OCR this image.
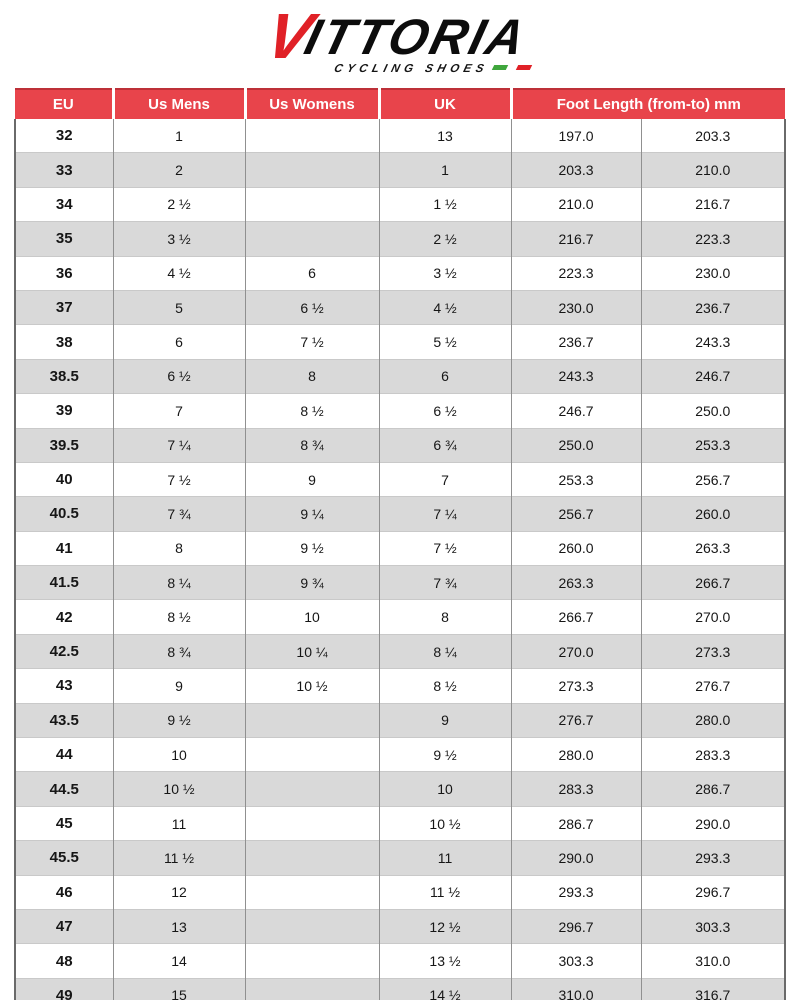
VITTORIA
CYCLING SHOES
EU	Us Mens	Us Womens	UK	Foot Length (from-to) mm	
32	1		13	197.0	203.3
33	2		1	203.3	210.0
34	2 ½		1 ½	210.0	216.7
35	3 ½		2 ½	216.7	223.3
36	4 ½	6	3 ½	223.3	230.0
37	5	6 ½	4 ½	230.0	236.7
38	6	7 ½	5 ½	236.7	243.3
38.5	6 ½	8	6	243.3	246.7
39	7	8 ½	6 ½	246.7	250.0
39.5	7 ¼	8 ¾	6 ¾	250.0	253.3
40	7 ½	9	7	253.3	256.7
40.5	7 ¾	9 ¼	7 ¼	256.7	260.0
41	8	9 ½	7 ½	260.0	263.3
41.5	8 ¼	9 ¾	7 ¾	263.3	266.7
42	8 ½	10	8	266.7	270.0
42.5	8 ¾	10 ¼	8 ¼	270.0	273.3
43	9	10 ½	8 ½	273.3	276.7
43.5	9 ½		9	276.7	280.0
44	10		9 ½	280.0	283.3
44.5	10 ½		10	283.3	286.7
45	11		10 ½	286.7	290.0
45.5	11 ½		11	290.0	293.3
46	12		11 ½	293.3	296.7
47	13		12 ½	296.7	303.3
48	14		13 ½	303.3	310.0
49	15		14 ½	310.0	316.7
